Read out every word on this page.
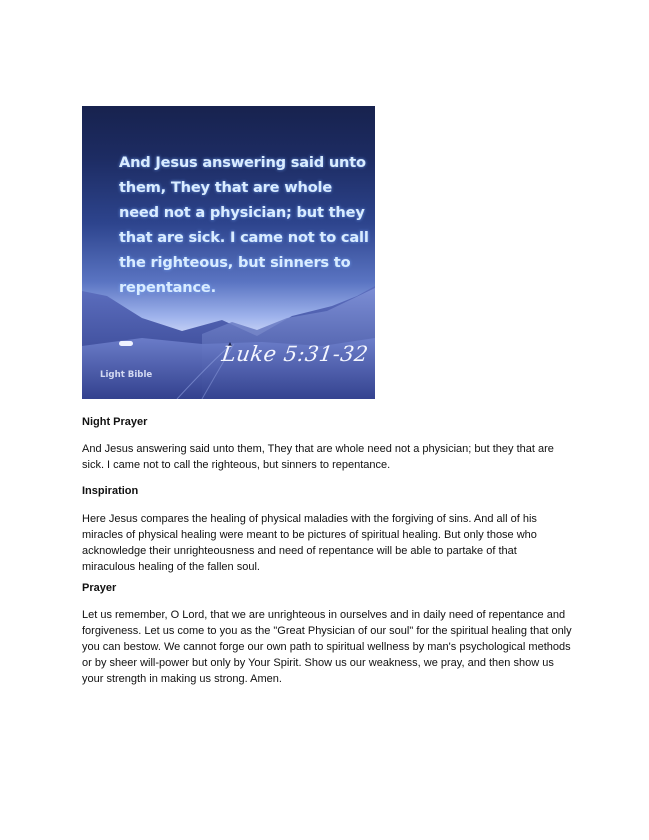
And Jesus answering said unto them, They that are whole need not a physician; but they that are sick. I came not to call the righteous, but sinners to repentance.

Luke 5:31-32
Light Bible
Night Prayer

And Jesus answering said unto them, They that are whole need not a physician; but they that are sick. I came not to call the righteous, but sinners to repentance.

Inspiration

Here Jesus compares the healing of physical maladies with the forgiving of sins. And all of his miracles of physical healing were meant to be pictures of spiritual healing. But only those who acknowledge their unrighteousness and need of repentance will be able to partake of that miraculous healing of the fallen soul.

Prayer

Let us remember, O Lord, that we are unrighteous in ourselves and in daily need of repentance and forgiveness. Let us come to you as the "Great Physician of our soul" for the spiritual healing that only you can bestow. We cannot forge our own path to spiritual wellness by man's psychological methods or by sheer will-power but only by Your Spirit. Show us our weakness, we pray, and then show us your strength in making us strong. Amen.
